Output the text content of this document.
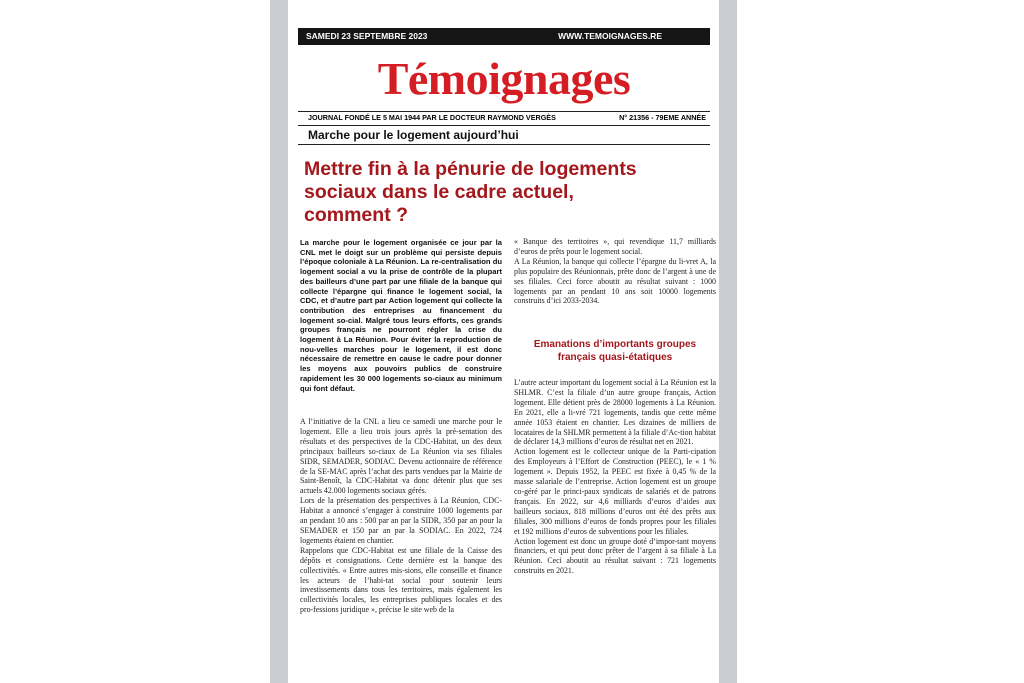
SAMEDI 23 SEPTEMBRE 2023	WWW.TEMOIGNAGES.RE
Témoignages
JOURNAL FONDÉ LE 5 MAI 1944 PAR LE DOCTEUR RAYMOND VERGÈS	N° 21356 - 79EME ANNÉE
Marche pour le logement aujourd’hui
Mettre fin à la pénurie de logements
sociaux dans le cadre actuel,
comment ?
La marche pour le logement organisée ce jour par la CNL met le doigt sur un problème qui persiste depuis l’époque coloniale à La Réunion. La re-centralisation du logement social a vu la prise de contrôle de la plupart des bailleurs d’une part par une filiale de la banque qui collecte l’épargne qui finance le logement social, la CDC, et d’autre part par Action logement qui collecte la contribution des entreprises au financement du logement so-cial. Malgré tous leurs efforts, ces grands groupes français ne pourront régler la crise du logement à La Réunion. Pour éviter la reproduction de nou-velles marches pour le logement, il est donc nécessaire de remettre en cause le cadre pour donner les moyens aux pouvoirs publics de construire rapidement les 30 000 logements so-ciaux au minimum qui font défaut.

A l’initiative de la CNL a lieu ce samedi une marche pour le logement. Elle a lieu trois jours après la pré-sentation des résultats et des perspectives de la CDC-Habitat, un des deux principaux bailleurs so-ciaux de La Réunion via ses filiales SIDR, SEMADER, SODIAC. Devenu actionnaire de référence de la SE-MAC après l’achat des parts vendues par la Mairie de Saint-Benoît, la CDC-Habitat va donc détenir plus que ses actuels 42.000 logements sociaux gérés.

Lors de la présentation des perspectives à La Réunion, CDC-Habitat a annoncé s’engager à construire 1000 logements par an pendant 10 ans : 500 par an par la SIDR, 350 par an pour la SEMADER et 150 par an par la SODIAC. En 2022, 724 logements étaient en chantier.

Rappelons que CDC-Habitat est une filiale de la Caisse des dépôts et consignations. Cette dernière est la banque des collectivités. « Entre autres mis-sions, elle conseille et finance les acteurs de l’habi-tat social pour soutenir leurs investissements dans tous les territoires, mais également les collectivités locales, les entreprises publiques locales et des pro-fessions juridique », précise le site web de la

« Banque des territoires », qui revendique 11,7 milliards d’euros de prêts pour le logement social.

A La Réunion, la banque qui collecte l’épargne du li-vret A, la plus populaire des Réunionnais, prête donc de l’argent à une de ses filiales. Ceci force aboutit au résultat suivant : 1000 logements par an pendant 10 ans soit 10000 logements construits d’ici 2033-2034.

Emanations d’importants groupes
français quasi-étatiques

L’autre acteur important du logement social à La Réunion est la SHLMR. C’est la filiale d’un autre groupe français, Action logement. Elle détient près de 28000 logements à La Réunion. En 2021, elle a li-vré 721 logements, tandis que cette même année 1053 étaient en chantier. Les dizaines de milliers de locataires de la SHLMR permettent à la filiale d’Ac-tion habitat de déclarer 14,3 millions d’euros de résultat net en 2021.

Action logement est le collecteur unique de la Parti-cipation des Employeurs à l’Effort de Construction (PEEC), le « 1 % logement ». Depuis 1952, la PEEC est fixée à 0,45 % de la masse salariale de l’entreprise. Action logement est un groupe co-géré par le princi-paux syndicats de salariés et de patrons français. En 2022, sur 4,6 milliards d’euros d’aides aux bailleurs sociaux, 818 millions d’euros ont été des prêts aux filiales, 300 millions d’euros de fonds propres pour les filiales et 192 millions d’euros de subventions pour les filiales.

Action logement est donc un groupe doté d’impor-tant moyens financiers, et qui peut donc prêter de l’argent à sa filiale à La Réunion. Ceci aboutit au résultat suivant : 721 logements construits en 2021.
